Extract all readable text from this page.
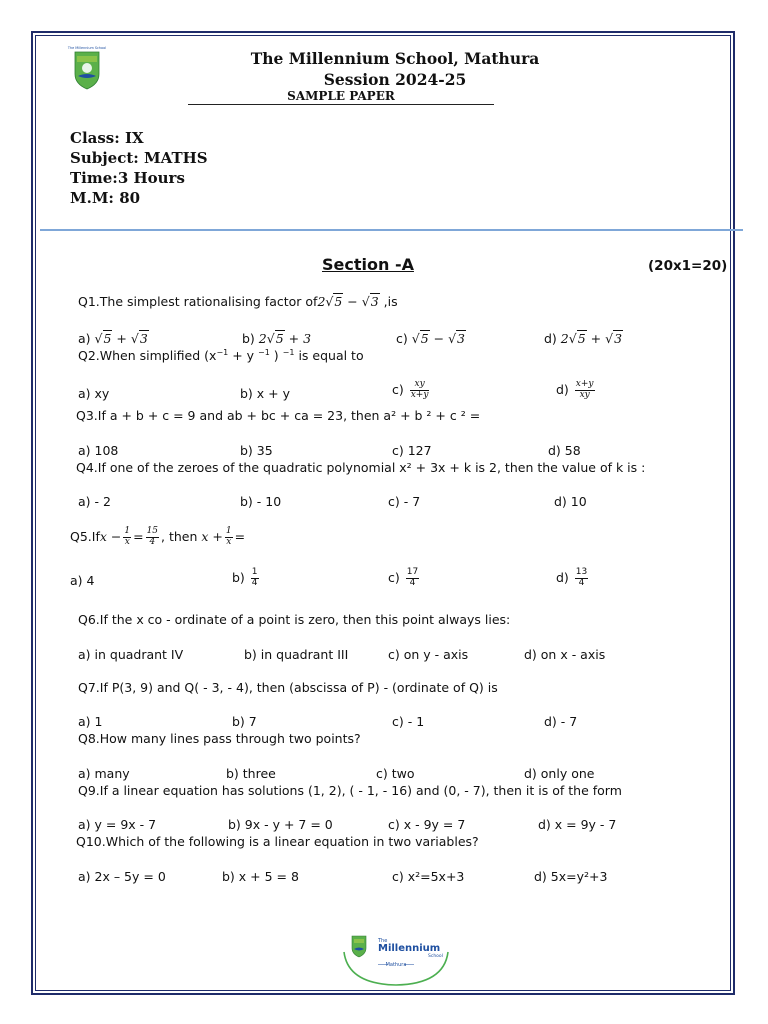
The Millennium School
The Millennium School, Mathura
Session 2024-25
SAMPLE PAPER
Class: IX
Subject: MATHS
Time:3 Hours
M.M: 80
Section -A	(20x1=20)
Q1.The simplest rationalising factor of2√5 − √3 ,is
a) √5 + √3	b) 2√5 + 3	c) √5 − √3	d) 2√5 + √3
Q2.When simplified ($x^{-1} + y$ $^{-1}$ ) $^{-1}$ is equal to
a) xy	b) x + y	$c) \frac{xy}{x+y}$	$d) \frac{x+y}{xy}$
Q3.If a + b + c = 9 and ab + bc + ca = 23, then a² + b ² + c ² =
a) 108	b) 35	c) 127	d) 58
Q4.If one of the zeroes of the quadratic polynomial x² + 3x + k is 2, then the value of k is :
a) - 2	b) - 10	c) - 7	d) 10
$Q5.Ifx - \frac{1}{x} = \frac{15}{4}$ , then $x + \frac{1}{x}$ =
a) 4	$b) \frac{1}{4}$	$c) \frac{17}{4}$	$d) \frac{13}{4}$
Q6.If the x co - ordinate of a point is zero, then this point always lies:
a) in quadrant IV	b) in quadrant III	c) on y - axis	d) on x - axis
Q7.If P(3, 9) and Q( - 3, - 4), then (abscissa of P) - (ordinate of Q) is
a) 1	b) 7	c) - 1	d) - 7
Q8.How many lines pass through two points?
a) many	b) three	c) two	d) only one
Q9.If a linear equation has solutions (1, 2), ( - 1, - 16) and (0, - 7), then it is of the form
a) y = 9x - 7	b) 9x - y + 7 = 0	c) x - 9y = 7	d) x = 9y - 7
Q10.Which of the following is a linear equation in two variables?
a) 2x – 5y = 0	b) x + 5 = 8	c) x²=5x+3	d) 5x=y²+3
The
Millennium
School
Mathura
